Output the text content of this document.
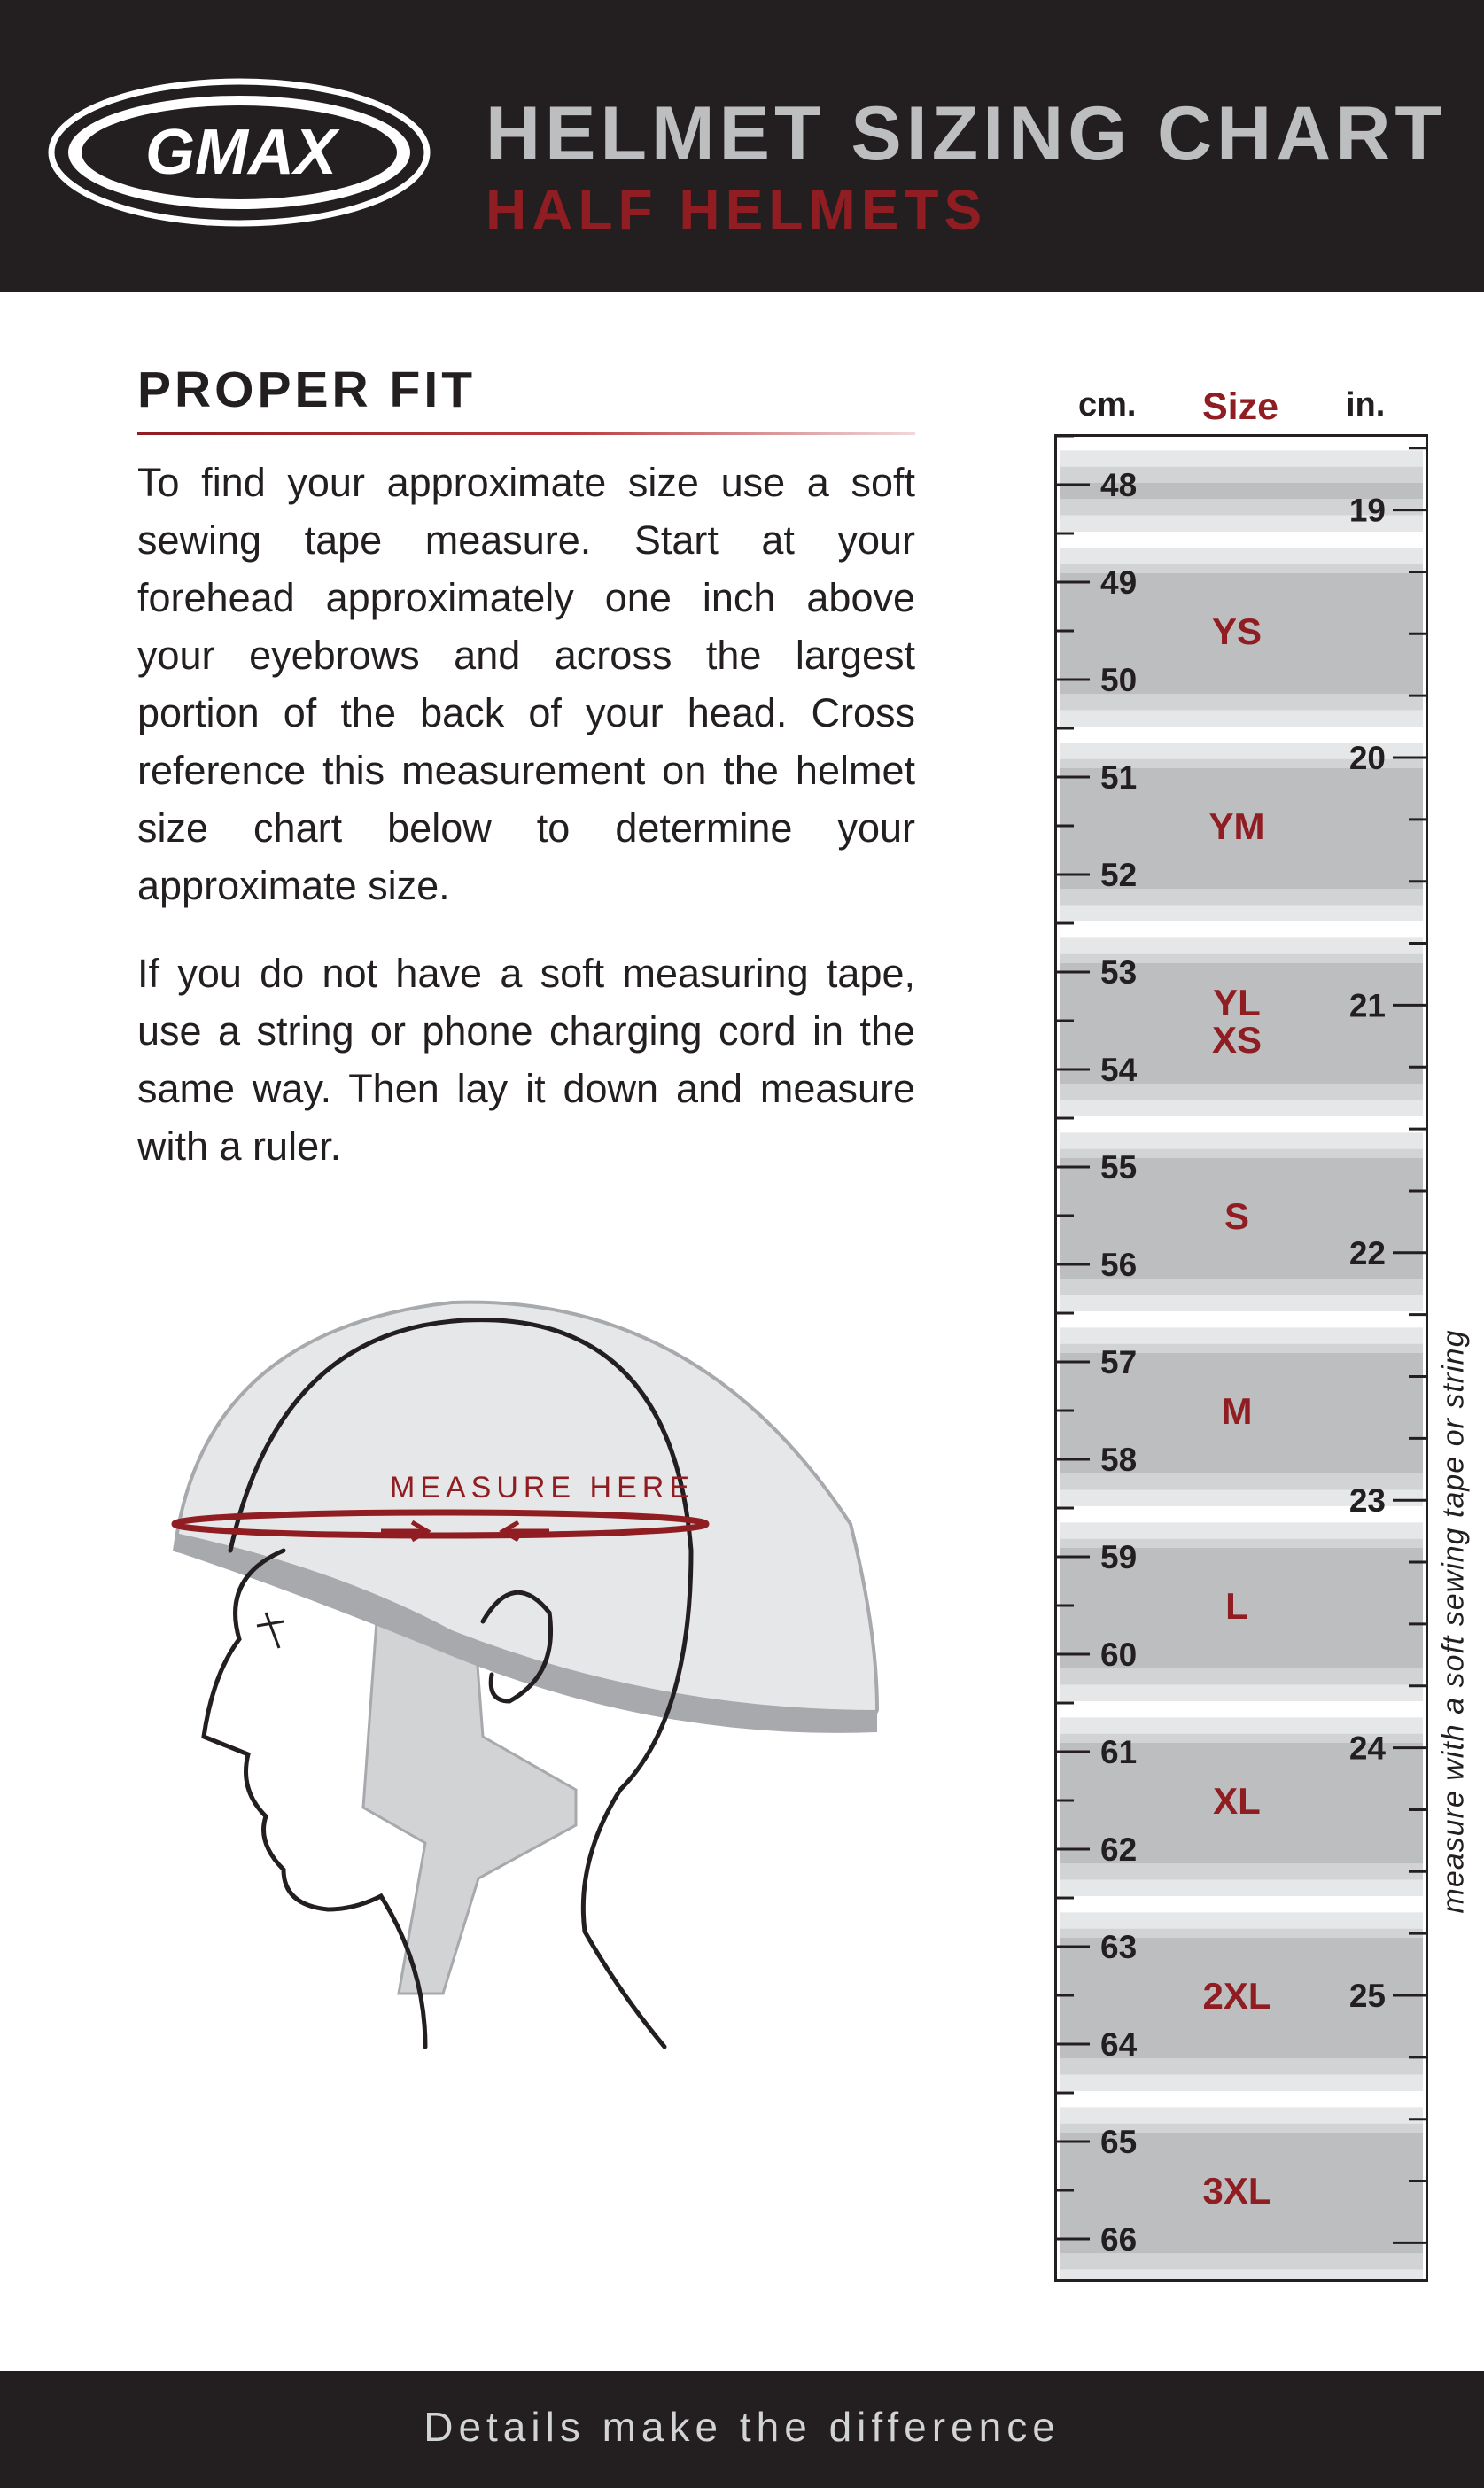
GMAX HELMET SIZING CHART
HALF HELMETS
PROPER FIT

To find your approximate size use a soft sewing tape measure. Start at your forehead approximately one inch above your eyebrows and across the largest portion of the back of your head. Cross reference this measurement on the helmet size chart below to determine your approximate size.

If you do not have a soft measuring tape, use a string or phone charging cord in the same way. Then lay it down and measure with a ruler.

MEASURE HERE
cm. Size in.
48
49
50
51
52
53
54
55
56
57
58
59
60
61
62
63
64
65
66
19
20
21
22
23
24
25
YS
YM
YL
XS
S
M
L
XL
2XL
3XL
measure with a soft sewing tape or string
Details make the difference
